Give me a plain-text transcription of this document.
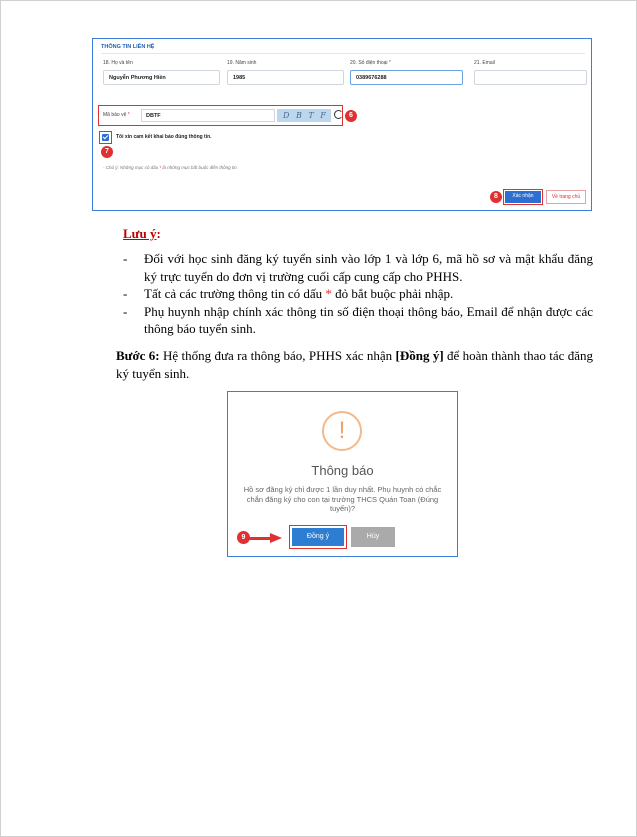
THÔNG TIN LIÊN HỆ
18. Họ và tên
Nguyễn Phương Hiền
19. Năm sinh
1985
20. Số điện thoại *
0389676288
21. Email
Mã bảo vệ *	DBTF	D B T F	6
Tôi xin cam kết khai báo đúng thông tin.
7
- Chú ý: Những mục có dấu * là những mục bắt buộc điền thông tin.
8	Xác nhận	Về trang chủ
Lưu ý:
- Đối với học sinh đăng ký tuyển sinh vào lớp 1 và lớp 6, mã hồ sơ và mật khẩu đăng ký trực tuyến do đơn vị trường cuối cấp cung cấp cho PHHS.
- Tất cả các trường thông tin có dấu * đỏ bắt buộc phải nhập.
- Phụ huynh nhập chính xác thông tin số điện thoại thông báo, Email để nhận được các thông báo tuyển sinh.
Bước 6: Hệ thống đưa ra thông báo, PHHS xác nhận [Đồng ý] để hoàn thành thao tác đăng ký tuyển sinh.
!
Thông báo
Hồ sơ đăng ký chỉ được 1 lần duy nhất. Phụ huynh có chắc chắn đăng ký cho con tại trường THCS Quán Toan (Đúng tuyến)?
Đồng ý	Hủy
9
